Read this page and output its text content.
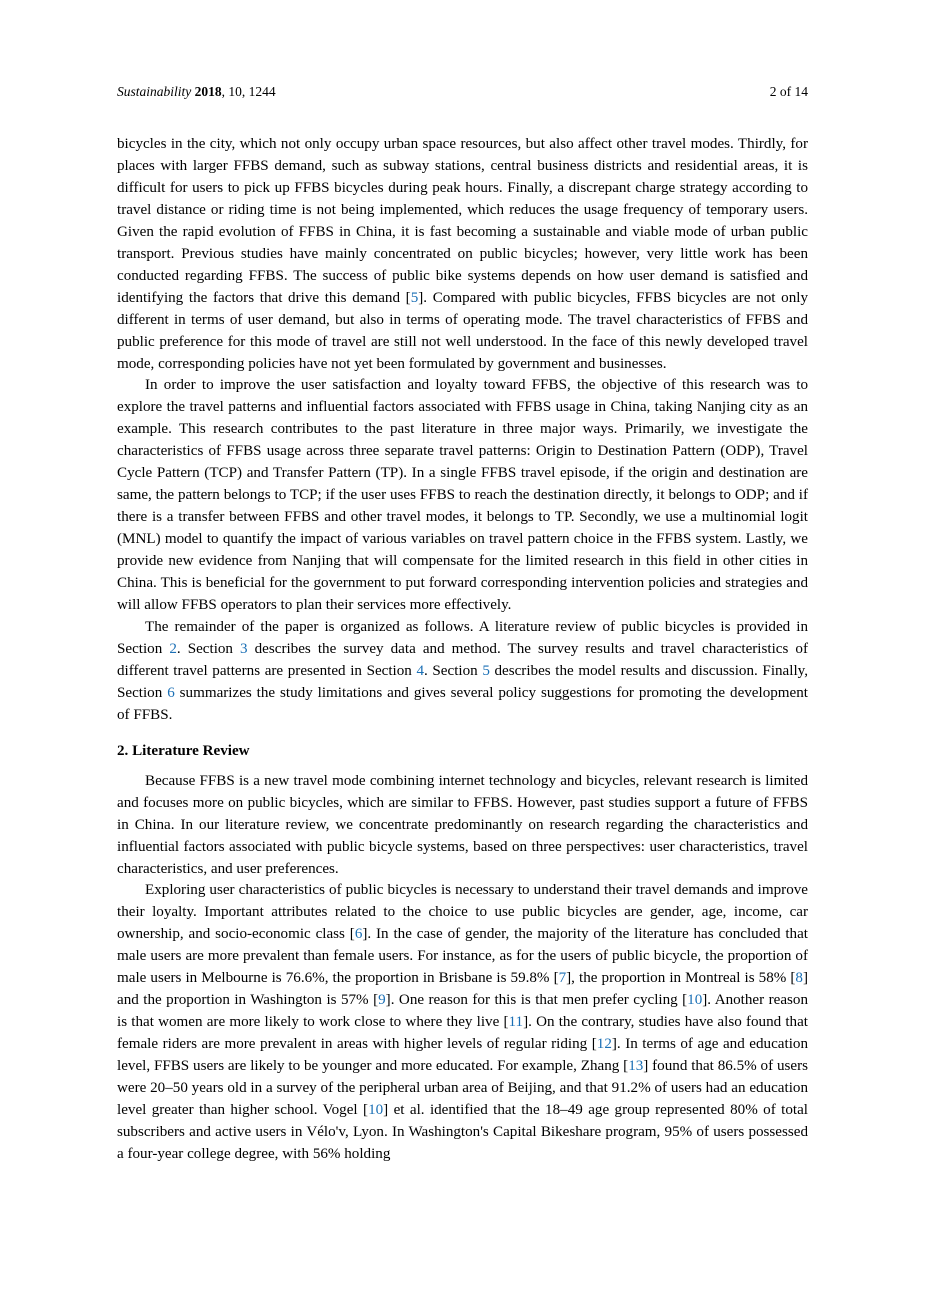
Sustainability 2018, 10, 1244	2 of 14

bicycles in the city, which not only occupy urban space resources, but also affect other travel modes. Thirdly, for places with larger FFBS demand, such as subway stations, central business districts and residential areas, it is difficult for users to pick up FFBS bicycles during peak hours. Finally, a discrepant charge strategy according to travel distance or riding time is not being implemented, which reduces the usage frequency of temporary users. Given the rapid evolution of FFBS in China, it is fast becoming a sustainable and viable mode of urban public transport. Previous studies have mainly concentrated on public bicycles; however, very little work has been conducted regarding FFBS. The success of public bike systems depends on how user demand is satisfied and identifying the factors that drive this demand [5]. Compared with public bicycles, FFBS bicycles are not only different in terms of user demand, but also in terms of operating mode. The travel characteristics of FFBS and public preference for this mode of travel are still not well understood. In the face of this newly developed travel mode, corresponding policies have not yet been formulated by government and businesses.

In order to improve the user satisfaction and loyalty toward FFBS, the objective of this research was to explore the travel patterns and influential factors associated with FFBS usage in China, taking Nanjing city as an example. This research contributes to the past literature in three major ways. Primarily, we investigate the characteristics of FFBS usage across three separate travel patterns: Origin to Destination Pattern (ODP), Travel Cycle Pattern (TCP) and Transfer Pattern (TP). In a single FFBS travel episode, if the origin and destination are same, the pattern belongs to TCP; if the user uses FFBS to reach the destination directly, it belongs to ODP; and if there is a transfer between FFBS and other travel modes, it belongs to TP. Secondly, we use a multinomial logit (MNL) model to quantify the impact of various variables on travel pattern choice in the FFBS system. Lastly, we provide new evidence from Nanjing that will compensate for the limited research in this field in other cities in China. This is beneficial for the government to put forward corresponding intervention policies and strategies and will allow FFBS operators to plan their services more effectively.

The remainder of the paper is organized as follows. A literature review of public bicycles is provided in Section 2. Section 3 describes the survey data and method. The survey results and travel characteristics of different travel patterns are presented in Section 4. Section 5 describes the model results and discussion. Finally, Section 6 summarizes the study limitations and gives several policy suggestions for promoting the development of FFBS.

2. Literature Review

Because FFBS is a new travel mode combining internet technology and bicycles, relevant research is limited and focuses more on public bicycles, which are similar to FFBS. However, past studies support a future of FFBS in China. In our literature review, we concentrate predominantly on research regarding the characteristics and influential factors associated with public bicycle systems, based on three perspectives: user characteristics, travel characteristics, and user preferences.

Exploring user characteristics of public bicycles is necessary to understand their travel demands and improve their loyalty. Important attributes related to the choice to use public bicycles are gender, age, income, car ownership, and socio-economic class [6]. In the case of gender, the majority of the literature has concluded that male users are more prevalent than female users. For instance, as for the users of public bicycle, the proportion of male users in Melbourne is 76.6%, the proportion in Brisbane is 59.8% [7], the proportion in Montreal is 58% [8] and the proportion in Washington is 57% [9]. One reason for this is that men prefer cycling [10]. Another reason is that women are more likely to work close to where they live [11]. On the contrary, studies have also found that female riders are more prevalent in areas with higher levels of regular riding [12]. In terms of age and education level, FFBS users are likely to be younger and more educated. For example, Zhang [13] found that 86.5% of users were 20–50 years old in a survey of the peripheral urban area of Beijing, and that 91.2% of users had an education level greater than higher school. Vogel [10] et al. identified that the 18–49 age group represented 80% of total subscribers and active users in Vélo'v, Lyon. In Washington's Capital Bikeshare program, 95% of users possessed a four-year college degree, with 56% holding
